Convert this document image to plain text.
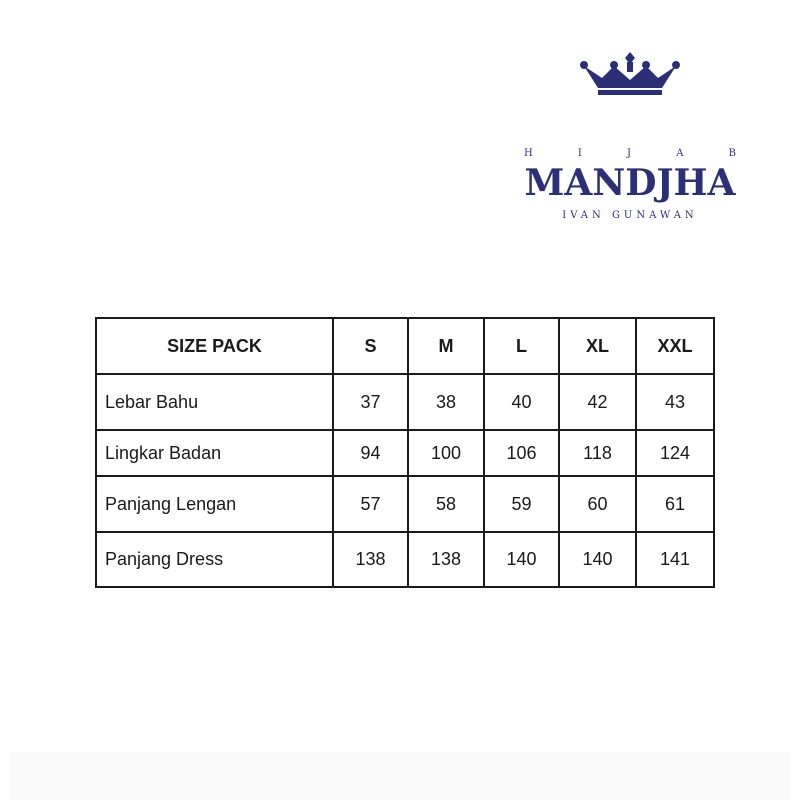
H	I	J	A	B
MANDJHA
IVAN GUNAWAN
SIZE PACK	S	M	L	XL	XXL
Lebar Bahu	37	38	40	42	43
Lingkar Badan	94	100	106	118	124
Panjang Lengan	57	58	59	60	61
Panjang Dress	138	138	140	140	141
